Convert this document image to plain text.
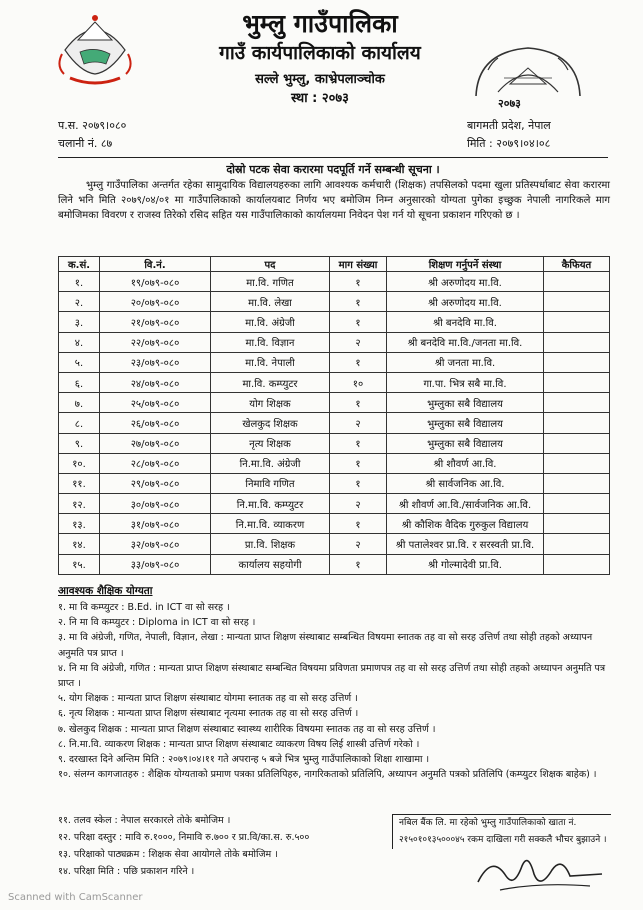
भुम्लु गाउँपालिका
गाउँ कार्यपालिकाको कार्यालय
सल्ले भुम्लु, काभ्रेपलाञ्चोक
स्था : २०७३	२०७३
प.स. २०७९।०८०
चलानी नं. ८७
बागमती प्रदेश, नेपाल
मिति : २०७९।०४।०८
दोस्रो पटक सेवा करारमा पदपूर्ति गर्ने सम्बन्धी सूचना ।
भुम्लु गाउँपालिका अन्तर्गत रहेका सामुदायिक विद्यालयहरुका लागि आवश्यक कर्मचारी (शिक्षक) तपसिलको पदमा खुला प्रतिस्पर्धाबाट सेवा करारमा लिने भनि मिति २०७९/०४/०१ मा गाउँपालिकाको कार्यालयबाट निर्णय भए बमोजिम निम्न अनुसारको योग्यता पुगेका इच्छुक नेपाली नागरिकले माग बमोजिमका विवरण र राजस्व तिरेको रसिद सहित यस गाउँपालिकाको कार्यालयमा निवेदन पेश गर्न यो सूचना प्रकाशन गरिएको छ ।
क.सं.	वि.नं.	पद	माग संख्या	शिक्षण गर्नुपर्ने संस्था	कैफियत
१.	१९/०७९-०८०	मा.वि. गणित	१	श्री अरुणोदय मा.वि.	
२.	२०/०७९-०८०	मा.वि. लेखा	१	श्री अरुणोदय मा.वि.	
३.	२१/०७९-०८०	मा.वि. अंग्रेजी	१	श्री बनदेवि मा.वि.	
४.	२२/०७९-०८०	मा.वि. विज्ञान	२	श्री बनदेवि मा.वि./जनता मा.वि.	
५.	२३/०७९-०८०	मा.वि. नेपाली	१	श्री जनता मा.वि.	
६.	२४/०७९-०८०	मा.वि. कम्प्युटर	१०	गा.पा. भित्र सबै मा.वि.	
७.	२५/०७९-०८०	योग शिक्षक	१	भुम्लुका सबै विद्यालय	
८.	२६/०७९-०८०	खेलकुद शिक्षक	२	भुम्लुका सबै विद्यालय	
९.	२७/०७९-०८०	नृत्य शिक्षक	१	भुम्लुका सबै विद्यालय	
१०.	२८/०७९-०८०	नि.मा.वि. अंग्रेजी	१	श्री शौवर्ण आ.वि.	
११.	२९/०७९-०८०	निमावि गणित	१	श्री सार्वजनिक आ.वि.	
१२.	३०/०७९-०८०	नि.मा.वि. कम्प्युटर	२	श्री शौवर्ण आ.वि./सार्वजनिक आ.वि.	
१३.	३१/०७९-०८०	नि.मा.वि. व्याकरण	१	श्री कौशिक वैदिक गुरुकुल विद्यालय	
१४.	३२/०७९-०८०	प्रा.वि. शिक्षक	२	श्री पतालेश्वर प्रा.वि. र सरस्वती प्रा.वि.	
१५.	३३/०७९-०८०	कार्यालय सहयोगी	१	श्री गोल्मादेवी प्रा.वि.	
आवश्यक शैक्षिक योग्यता

१. मा वि कम्प्युटर : B.Ed. in ICT वा सो सरह ।

२. नि मा वि कम्प्युटर : Diploma in ICT वा सो सरह ।

३. मा वि अंग्रेजी, गणित, नेपाली, विज्ञान, लेखा : मान्यता प्राप्त शिक्षण संस्थाबाट सम्बन्धित विषयमा स्नातक तह वा सो सरह उत्तिर्ण तथा सोही तहको अध्यापन अनुमति पत्र प्राप्त ।

४. नि मा वि अंग्रेजी, गणित : मान्यता प्राप्त शिक्षण संस्थाबाट सम्बन्धित विषयमा प्रविणता प्रमाणपत्र तह वा सो सरह उत्तिर्ण तथा सोही तहको अध्यापन अनुमति पत्र प्राप्त ।

५. योग शिक्षक : मान्यता प्राप्त शिक्षण संस्थाबाट योगमा स्नातक तह वा सो सरह उत्तिर्ण ।

६. नृत्य शिक्षक : मान्यता प्राप्त शिक्षण संस्थाबाट नृत्यमा स्नातक तह वा सो सरह उत्तिर्ण ।

७. खेलकुद शिक्षक : मान्यता प्राप्त शिक्षण संस्थाबाट स्वास्थ्य शारीरिक विषयमा स्नातक तह वा सो सरह उत्तिर्ण ।

८. नि.मा.वि. व्याकरण शिक्षक : मान्यता प्राप्त शिक्षण संस्थाबाट व्याकरण विषय लिई शास्त्री उत्तिर्ण गरेको ।

९. दरखास्त दिने अन्तिम मिति : २०७९।०४।११ गते अपरान्ह ५ बजे भित्र भुम्लु गाउँपालिकाको शिक्षा शाखामा ।

१०. संलग्न कागजातहरु : शैक्षिक योग्यताको प्रमाण पत्रका प्रतिलिपिहरु, नागरिकताको प्रतिलिपि, अध्यापन अनुमति पत्रको प्रतिलिपि (कम्प्युटर शिक्षक बाहेक) ।

११. तलव स्केल : नेपाल सरकारले तोके बमोजिम ।

१२. परिक्षा दस्तुर : मावि रु.१०००, निमावि रु.७०० र प्रा.वि/का.स. रु.५००

१३. परिक्षाको पाठ्यक्रम : शिक्षक सेवा आयोगले तोके बमोजिम ।

१४. परिक्षा मिति : पछि प्रकाशन गरिने ।

नबिल बैंक लि. मा रहेको भुम्लु गाउँपालिकाको खाता नं. २१५०१०१३५०००४५ रकम दाखिला गरी सक्कलै भौचर बुझाउने ।
Scanned with CamScanner
